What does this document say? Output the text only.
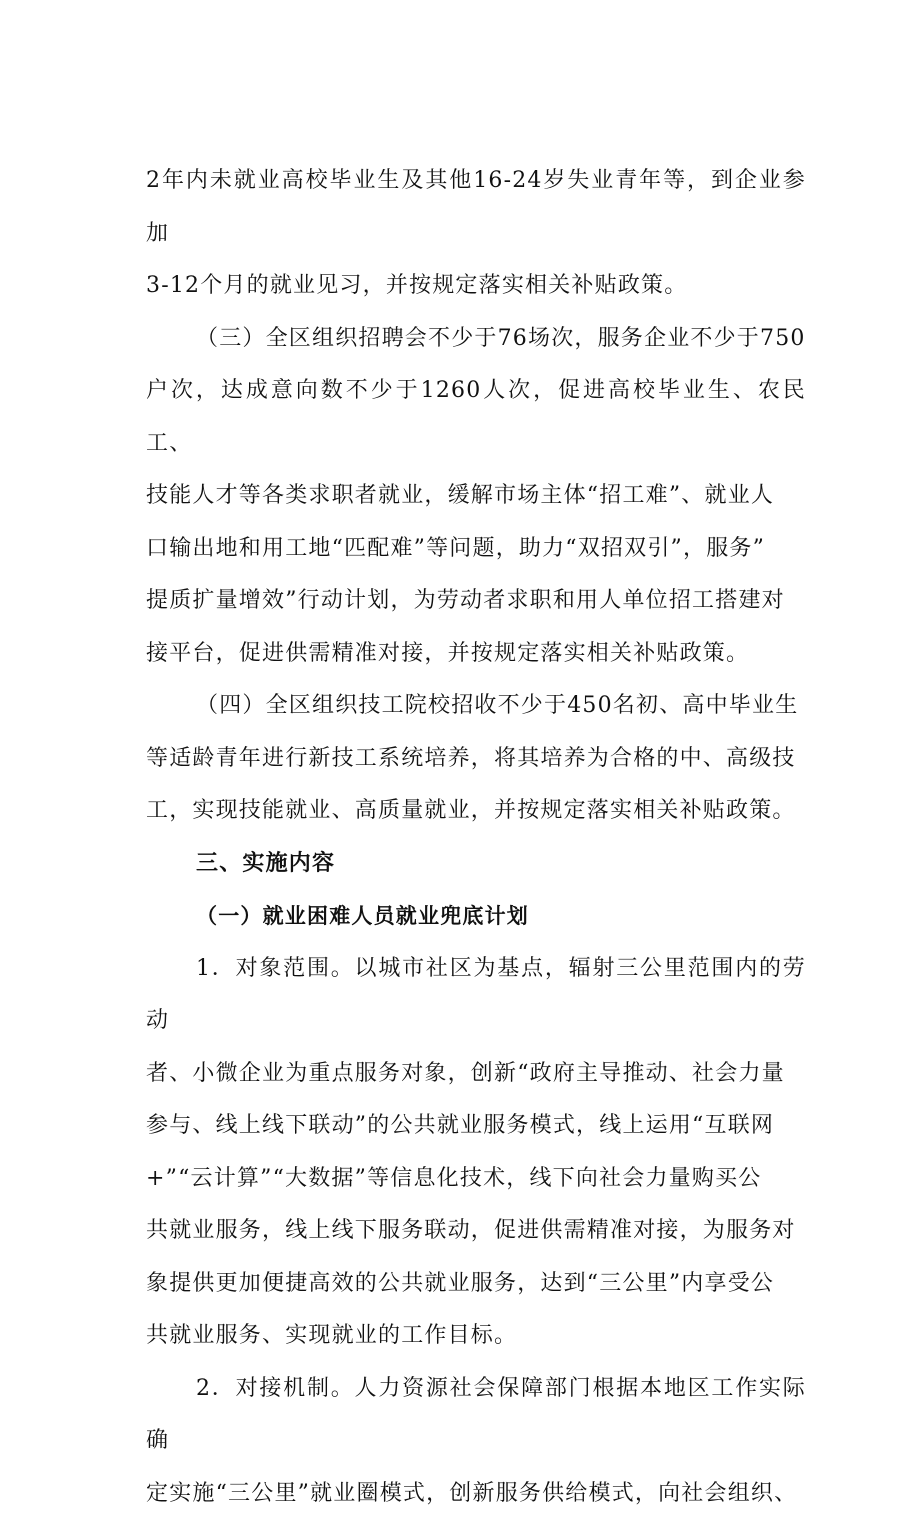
2年内未就业高校毕业生及其他16-24岁失业青年等，到企业参加
3-12个月的就业见习，并按规定落实相关补贴政策。

（三）全区组织招聘会不少于76场次，服务企业不少于750
户次，达成意向数不少于1260人次，促进高校毕业生、农民工、
技能人才等各类求职者就业，缓解市场主体“招工难”、就业人
口输出地和用工地“匹配难”等问题，助力“双招双引”，服务”
提质扩量增效”行动计划，为劳动者求职和用人单位招工搭建对
接平台，促进供需精准对接，并按规定落实相关补贴政策。

（四）全区组织技工院校招收不少于450名初、高中毕业生
等适龄青年进行新技工系统培养，将其培养为合格的中、高级技
工，实现技能就业、高质量就业，并按规定落实相关补贴政策。

三、实施内容
（一）就业困难人员就业兜底计划

1．对象范围。以城市社区为基点，辐射三公里范围内的劳动
者、小微企业为重点服务对象，创新“政府主导推动、社会力量
参与、线上线下联动”的公共就业服务模式，线上运用“互联网
+”“云计算”“大数据”等信息化技术，线下向社会力量购买公
共就业服务，线上线下服务联动，促进供需精准对接，为服务对
象提供更加便捷高效的公共就业服务，达到“三公里”内享受公
共就业服务、实现就业的工作目标。

2．对接机制。人力资源社会保障部门根据本地区工作实际确
定实施“三公里”就业圈模式，创新服务供给模式，向社会组织、
